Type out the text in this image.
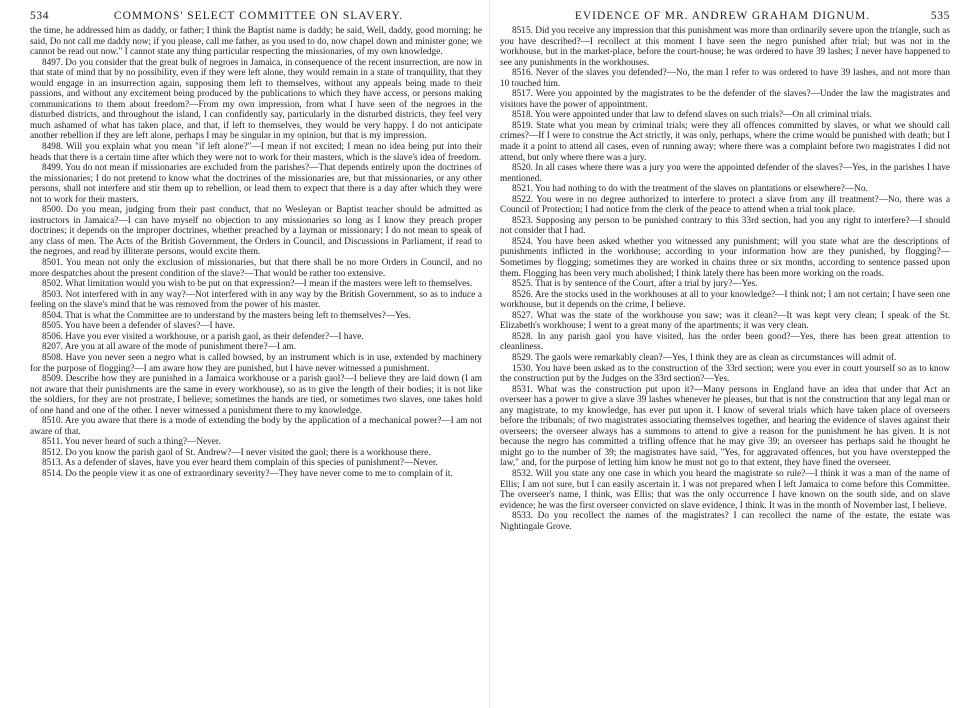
534	COMMONS' SELECT COMMITTEE ON SLAVERY.

the time, he addressed him as daddy, or father; I think the Baptist name is daddy; he said, Well, daddy, good morning; he said, Do not call me daddy now; if you please, call me father, as you used to do, now chapel down and minister gone; we cannot be read out now." I cannot state any thing particular respecting the missionaries, of my own knowledge.

8497. Do you consider that the great bulk of negroes in Jamaica, in consequence of the recent insurrection, are now in that state of mind that by no possibility, even if they were left alone, they would remain in a state of tranquility, that they would engage in an insurrection again, supposing them left to themselves, without any appeals being made to their passions, and without any excitement being produced by the publications to which they have access, or persons making communications to them about freedom?—From my own impression, from what I have seen of the negroes in the disturbed districts, and throughout the island, I can confidently say, particularly in the disturbed districts, they feel very much ashamed of what has taken place, and that, if left to themselves, they would be very happy. I do not anticipate another rebellion if they are left alone, perhaps I may be singular in my opinion, but that is my impression.

8498. Will you explain what you mean "if left alone?"—I mean if not excited; I mean no idea being put into their heads that there is a certain time after which they were not to work for their masters, which is the slave's idea of freedom.

8499. You do not mean if missionaries are excluded from the parishes?—That depends entirely upon the doctrines of the missionaries; I do not pretend to know what the doctrines of the missionaries are, but that missionaries, or any other persons, shall not interfere and stir them up to rebellion, or lead them to expect that there is a day after which they were not to work for their masters.

8500. Do you mean, judging from their past conduct, that no Wesleyan or Baptist teacher should be admitted as instructors in Jamaica?—I can have myself no objection to any missionaries so long as I know they preach proper doctrines; it depends on the improper doctrines, whether preached by a layman or missionary; I do not mean to speak of any class of men. The Acts of the British Government, the Orders in Council, and Discussions in Parliament, if read to the negroes, and read by illiterate persons, would excite them.

8501. You mean not only the exclusion of missionaries, but that there shall be no more Orders in Council, and no more despatches about the present condition of the slave?—That would be rather too extensive.

8502. What limitation would you wish to be put on that expression?—I mean if the masters were left to themselves.

8503. Not interfered with in any way?—Not interfered with in any way by the British Government, so as to induce a feeling on the slave's mind that he was removed from the power of his master.

8504. That is what the Committee are to understand by the masters being left to themselves?—Yes.

8505. You have been a defender of slaves?—I have.

8506. Have you ever visited a workhouse, or a parish gaol, as their defender?—I have.

8207. Are you at all aware of the mode of punishment there?—I am.

8508. Have you never seen a negro what is called bowsed, by an instrument which is in use, extended by machinery for the purpose of flogging?—I am aware how they are punished, but I have never witnessed a punishment.

8509. Describe how they are punished in a Jamaica workhouse or a parish gaol?—I believe they are laid down (I am not aware that their punishments are the same in every workhouse), so as to give the length of their bodies; it is not like the soldiers, for they are not prostrate, I believe; sometimes the hands are tied, or sometimes two slaves, one takes hold of one hand and one of the other. I never witnessed a punishment there to my knowledge.

8510. Are you aware that there is a mode of extending the body by the application of a mechanical power?—I am not aware of that.

8511. You never heard of such a thing?—Never.

8512. Do you know the parish gaol of St. Andrew?—I never visited the gaol; there is a workhouse there.

8513. As a defender of slaves, have you ever heard them complain of this species of punishment?—Never.

8514. Do the people view it as one of extraordinary severity?—They have never come to me to complain of it.

EVIDENCE OF MR. ANDREW GRAHAM DIGNUM.	535

8515. Did you receive any impression that this punishment was more than ordinarily severe upon the triangle, such as you have described?—I recollect at this moment I have seen the negro punished after trial; but was not in the workhouse, but in the market-place, before the court-house; he was ordered to have 39 lashes; I never have happened to see any punishments in the workhouses.

8516. Never of the slaves you defended?—No, the man I refer to was ordered to have 39 lashes, and not more than 10 touched him.

8517. Were you appointed by the magistrates to be the defender of the slaves?—Under the law the magistrates and visitors have the power of appointment.

8518. You were appointed under that law to defend slaves on such trials?—On all criminal trials.

8519. State what you mean by criminal trials; were they all offences committed by slaves, or what we should call crimes?—If I were to construe the Act strictly, it was only, perhaps, where the crime would be punished with death; but I made it a point to attend all cases, even of running away; where there was a complaint before two magistrates I did not attend, but only where there was a jury.

8520. In all cases where there was a jury you were the appointed defender of the slaves?—Yes, in the parishes I have mentioned.

8521. You had nothing to do with the treatment of the slaves on plantations or elsewhere?—No.

8522. You were in no degree authorized to interfere to protect a slave from any ill treatment?—No, there was a Council of Protection; I had notice from the clerk of the peace to attend when a trial took place.

8523. Supposing any person to be punished contrary to this 33rd section, had you any right to interfere?—I should not consider that I had.

8524. You have been asked whether you witnessed any punishment; will you state what are the descriptions of punishments inflicted in the workhouse; according to your information how are they punished, by flogging?—Sometimes by flogging; sometimes they are worked in chains three or six months, according to sentence passed upon them. Flogging has been very much abolished; I think lately there has been more working on the roads.

8525. That is by sentence of the Court, after a trial by jury?—Yes.

8526. Are the stocks used in the workhouses at all to your knowledge?—I think not; I am not certain; I have seen one workhouse, but it depends on the crime, I believe.

8527. What was the state of the workhouse you saw; was it clean?—It was kept very clean; I speak of the St. Elizabeth's workhouse; I went to a great many of the apartments; it was very clean.

8528. In any parish gaol you have visited, has the order been good?—Yes, there has been great attention to cleanliness.

8529. The gaols were remarkably clean?—Yes, I think they are as clean as circumstances will admit of.

1530. You have been asked as to the construction of the 33rd section; were you ever in court yourself so as to know the construction put by the Judges on the 33rd section?—Yes.

8531. What was the construction put upon it?—Many persons in England have an idea that under that Act an overseer has a power to give a slave 39 lashes whenever he pleases, but that is not the construction that any legal man or any magistrate, to my knowledge, has ever put upon it. I know of several trials which have taken place of overseers before the tribunals; of two magistrates associating themselves together, and hearing the evidence of slaves against their overseers; the overseer always has a summons to attend to give a reason for the punishment he has given. It is not because the negro has committed a trifling offence that he may give 39; an overseer has perhaps said he thought he might go to the number of 39; the magistrates have said, "Yes, for aggravated offences, but you have overstepped the law," and, for the purpose of letting him know he must not go to that extent, they have fined the overseer.

8532. Will you state any one case in which you heard the magistrate so rule?—I think it was a man of the name of Ellis; I am not sure, but I can easily ascertain it. I was not prepared when I left Jamaica to come before this Committee. The overseer's name, I think, was Ellis; that was the only occurrence I have known on the south side, and on slave evidence; he was the first overseer convicted on slave evidence, I think. It was in the month of November last, I believe.

8533. Do you recollect the names of the magistrates? I can recollect the name of the estate, the estate was Nightingale Grove.
